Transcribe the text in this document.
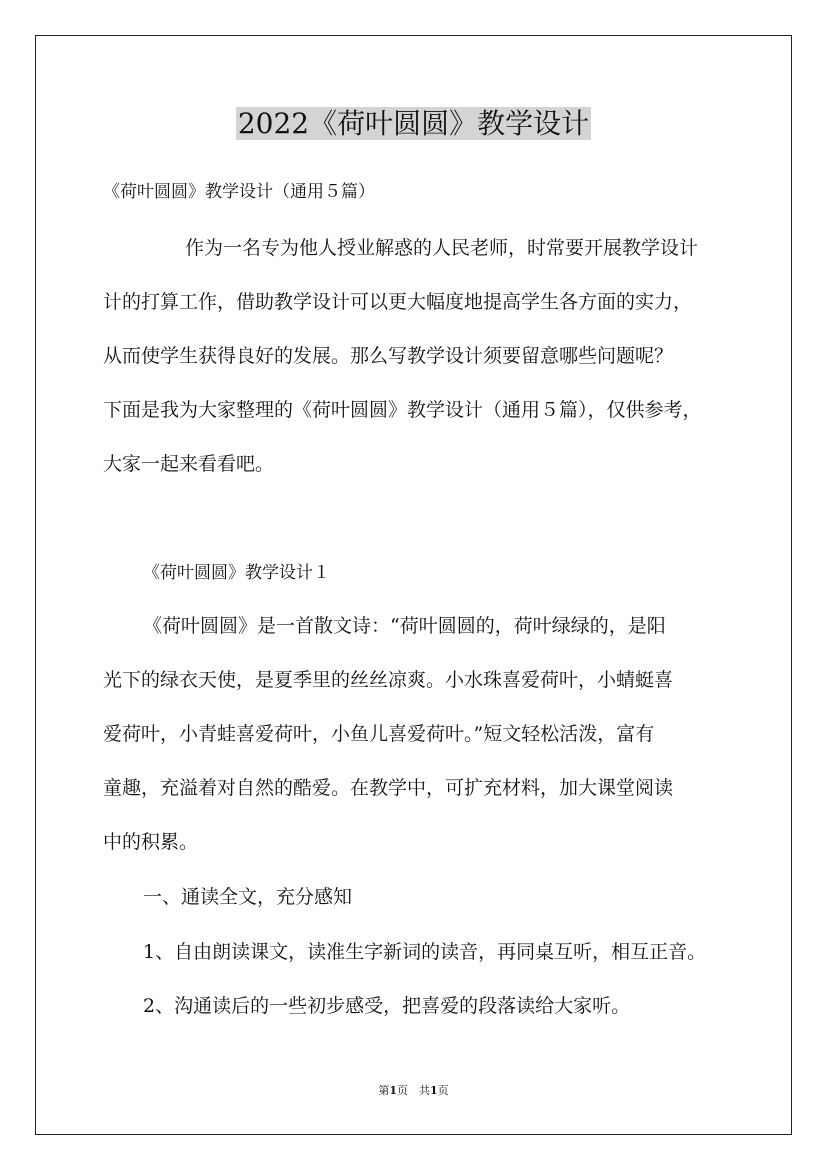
2022《荷叶圆圆》教学设计

《荷叶圆圆》教学设计（通用５篇）

作为一名专为他人授业解惑的人民老师，时常要开展教学设计

计的打算工作，借助教学设计可以更大幅度地提高学生各方面的实力，

从而使学生获得良好的发展。那么写教学设计须要留意哪些问题呢？

下面是我为大家整理的《荷叶圆圆》教学设计（通用５篇），仅供参考，

大家一起来看看吧。

《荷叶圆圆》教学设计１

《荷叶圆圆》是一首散文诗：“荷叶圆圆的，荷叶绿绿的，是阳

光下的绿衣天使，是夏季里的丝丝凉爽。小水珠喜爱荷叶，小蜻蜓喜

爱荷叶，小青蛙喜爱荷叶，小鱼儿喜爱荷叶。”短文轻松活泼，富有

童趣，充溢着对自然的酷爱。在教学中，可扩充材料，加大课堂阅读

中的积累。

一、通读全文，充分感知

1、自由朗读课文，读准生字新词的读音，再同桌互听，相互正音。

2、沟通读后的一些初步感受，把喜爱的段落读给大家听。

第1页　共1页
